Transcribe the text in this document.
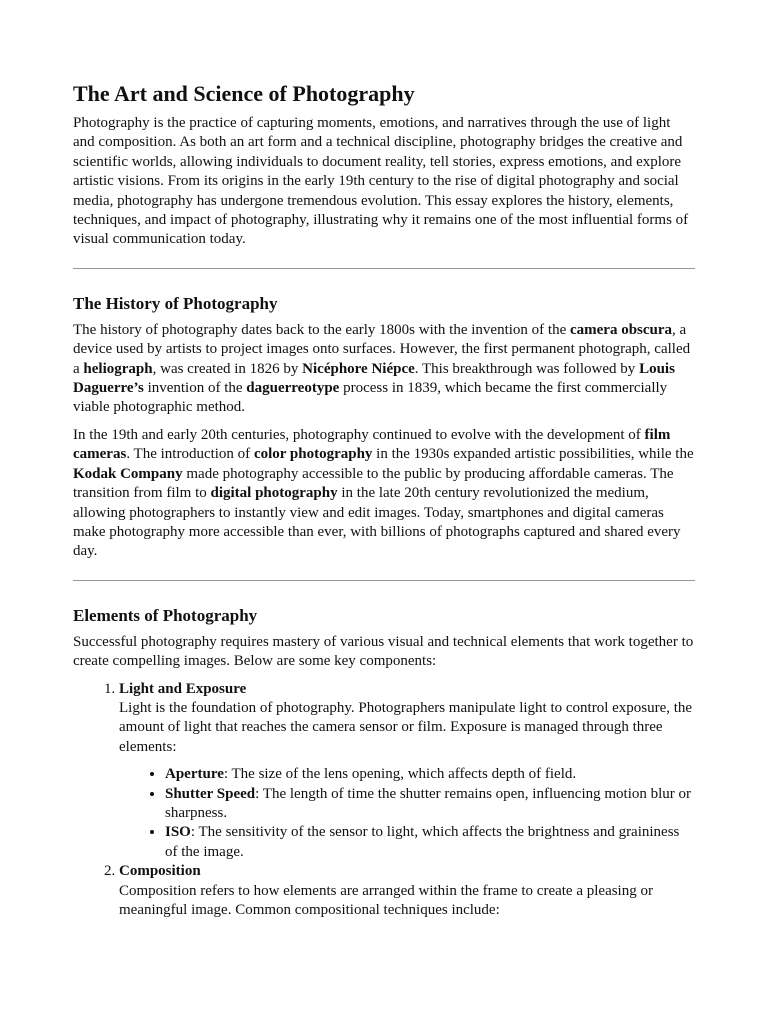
The Art and Science of Photography

Photography is the practice of capturing moments, emotions, and narratives through the use of light and composition. As both an art form and a technical discipline, photography bridges the creative and scientific worlds, allowing individuals to document reality, tell stories, express emotions, and explore artistic visions. From its origins in the early 19th century to the rise of digital photography and social media, photography has undergone tremendous evolution. This essay explores the history, elements, techniques, and impact of photography, illustrating why it remains one of the most influential forms of visual communication today.

The History of Photography

The history of photography dates back to the early 1800s with the invention of the camera obscura, a device used by artists to project images onto surfaces. However, the first permanent photograph, called a heliograph, was created in 1826 by Nicéphore Niépce. This breakthrough was followed by Louis Daguerre’s invention of the daguerreotype process in 1839, which became the first commercially viable photographic method.

In the 19th and early 20th centuries, photography continued to evolve with the development of film cameras. The introduction of color photography in the 1930s expanded artistic possibilities, while the Kodak Company made photography accessible to the public by producing affordable cameras. The transition from film to digital photography in the late 20th century revolutionized the medium, allowing photographers to instantly view and edit images. Today, smartphones and digital cameras make photography more accessible than ever, with billions of photographs captured and shared every day.

Elements of Photography

Successful photography requires mastery of various visual and technical elements that work together to create compelling images. Below are some key components:

1. Light and Exposure
Light is the foundation of photography. Photographers manipulate light to control exposure, the amount of light that reaches the camera sensor or film. Exposure is managed through three elements:
• Aperture: The size of the lens opening, which affects depth of field.
• Shutter Speed: The length of time the shutter remains open, influencing motion blur or sharpness.
• ISO: The sensitivity of the sensor to light, which affects the brightness and graininess of the image.
2. Composition
Composition refers to how elements are arranged within the frame to create a pleasing or meaningful image. Common compositional techniques include:
